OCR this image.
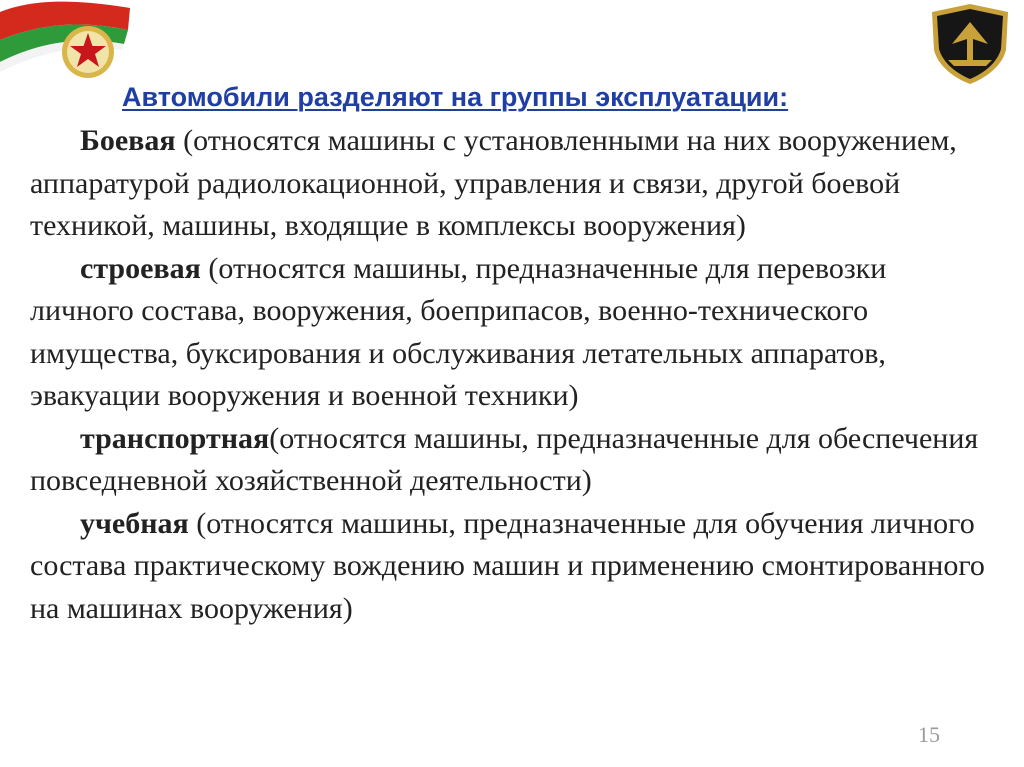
Автомобили разделяют на группы эксплуатации:

Боевая (относятся машины с установленными на них вооружением, аппаратурой радиолокационной, управления и связи, другой боевой техникой, машины, входящие в комплексы вооружения)

строевая (относятся машины, предназначенные для перевозки личного состава, вооружения, боеприпасов, военно-технического имущества, буксирования и обслуживания летательных аппаратов, эвакуации вооружения и военной техники)

транспортная(относятся машины, предназначенные для обеспечения повседневной хозяйственной деятельности)

учебная (относятся машины, предназначенные для обучения личного состава практическому вождению машин и применению смонтированного на машинах вооружения)

15
